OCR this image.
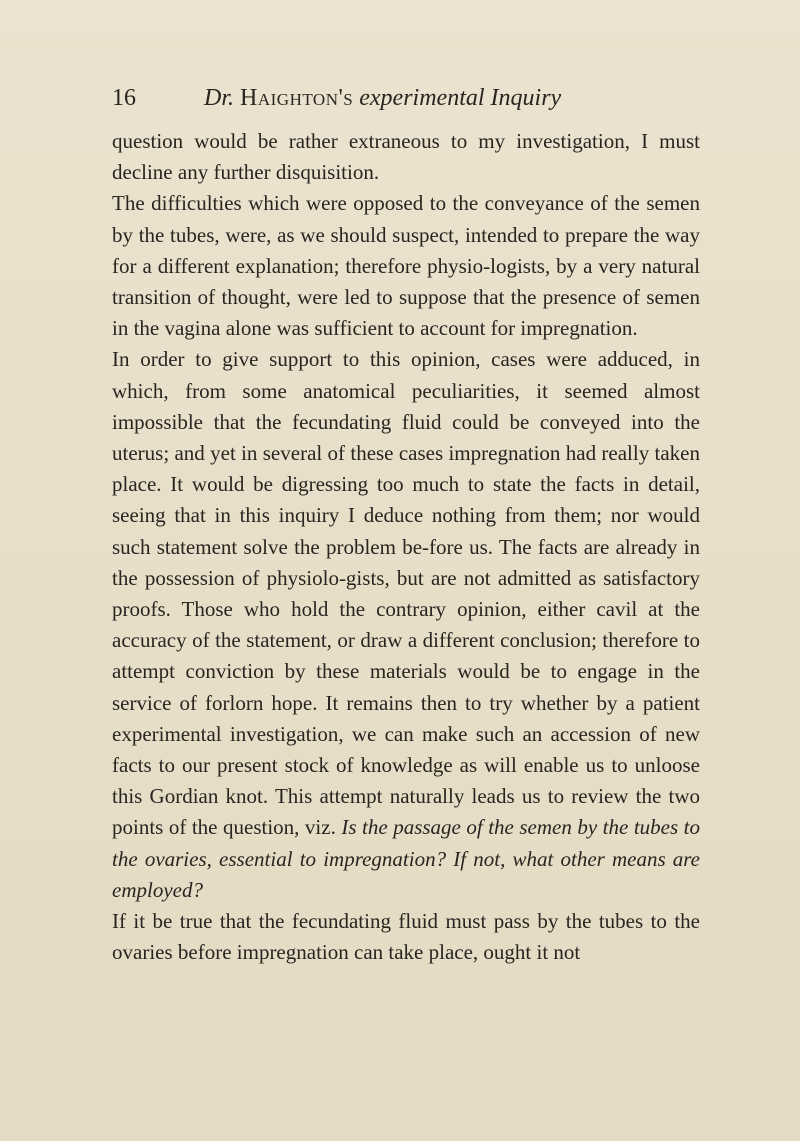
16	Dr. Haighton's experimental Inquiry

question would be rather extraneous to my investigation, I must decline any further disquisition.

The difficulties which were opposed to the conveyance of the semen by the tubes, were, as we should suspect, intended to prepare the way for a different explanation; therefore physio-logists, by a very natural transition of thought, were led to suppose that the presence of semen in the vagina alone was sufficient to account for impregnation.

In order to give support to this opinion, cases were adduced, in which, from some anatomical peculiarities, it seemed almost impossible that the fecundating fluid could be conveyed into the uterus; and yet in several of these cases impregnation had really taken place. It would be digressing too much to state the facts in detail, seeing that in this inquiry I deduce nothing from them; nor would such statement solve the problem be-fore us. The facts are already in the possession of physiolo-gists, but are not admitted as satisfactory proofs. Those who hold the contrary opinion, either cavil at the accuracy of the statement, or draw a different conclusion; therefore to attempt conviction by these materials would be to engage in the service of forlorn hope. It remains then to try whether by a patient experimental investigation, we can make such an accession of new facts to our present stock of knowledge as will enable us to unloose this Gordian knot. This attempt naturally leads us to review the two points of the question, viz. Is the passage of the semen by the tubes to the ovaries, essential to impregnation? If not, what other means are employed?

If it be true that the fecundating fluid must pass by the tubes to the ovaries before impregnation can take place, ought it not
